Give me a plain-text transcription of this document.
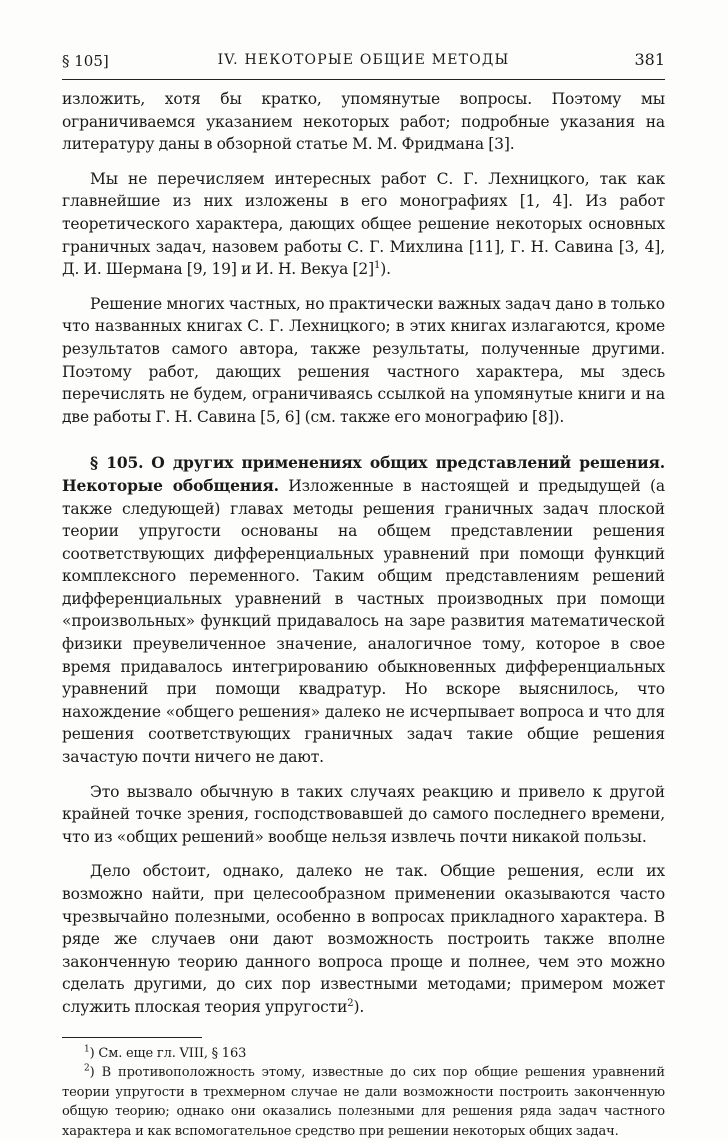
§ 105]	IV. НЕКОТОРЫЕ ОБЩИЕ МЕТОДЫ	381

изложить, хотя бы кратко, упомянутые вопросы. Поэтому мы ограничиваемся указанием некоторых работ; подробные указания на литературу даны в обзорной статье М. М. Фридмана [3].

Мы не перечисляем интересных работ С. Г. Лехницкого, так как главнейшие из них изложены в его монографиях [1, 4]. Из работ теоретического характера, дающих общее решение некоторых основных граничных задач, назовем работы С. Г. Михлина [11], Г. Н. Савина [3, 4], Д. И. Шермана [9, 19] и И. Н. Векуа $[2]^1$).

Решение многих частных, но практически важных задач дано в только что названных книгах С. Г. Лехницкого; в этих книгах излагаются, кроме результатов самого автора, также результаты, полученные другими. Поэтому работ, дающих решения частного характера, мы здесь перечислять не будем, ограничиваясь ссылкой на упомянутые книги и на две работы Г. Н. Савина [5, 6] (см. также его монографию [8]).

§ 105. О других применениях общих представлений решения. Некоторые обобщения. Изложенные в настоящей и предыдущей (а также следующей) главах методы решения граничных задач плоской теории упругости основаны на общем представлении решения соответствующих дифференциальных уравнений при помощи функций комплексного переменного. Таким общим представлениям решений дифференциальных уравнений в частных производных при помощи «произвольных» функций придавалось на заре развития математической физики преувеличенное значение, аналогичное тому, которое в свое время придавалось интегрированию обыкновенных дифференциальных уравнений при помощи квадратур. Но вскоре выяснилось, что нахождение «общего решения» далеко не исчерпывает вопроса и что для решения соответствующих граничных задач такие общие решения зачастую почти ничего не дают.

Это вызвало обычную в таких случаях реакцию и привело к другой крайней точке зрения, господствовавшей до самого последнего времени, что из «общих решений» вообще нельзя извлечь почти никакой пользы.

Дело обстоит, однако, далеко не так. Общие решения, если их возможно найти, при целесообразном применении оказываются часто чрезвычайно полезными, особенно в вопросах прикладного характера. В ряде же случаев они дают возможность построить также вполне законченную теорию данного вопроса проще и полнее, чем это можно сделать другими, до сих пор известными методами; примером может служить плоская теория упругости$^2$).

$^1$) См. еще гл. VIII, § 163

$^2$) В противоположность этому, известные до сих пор общие решения уравнений теории упругости в трехмерном случае не дали возможности построить законченную общую теорию; однако они оказались полезными для решения ряда задач частного характера и как вспомогательное средство при решении некоторых общих задач.
